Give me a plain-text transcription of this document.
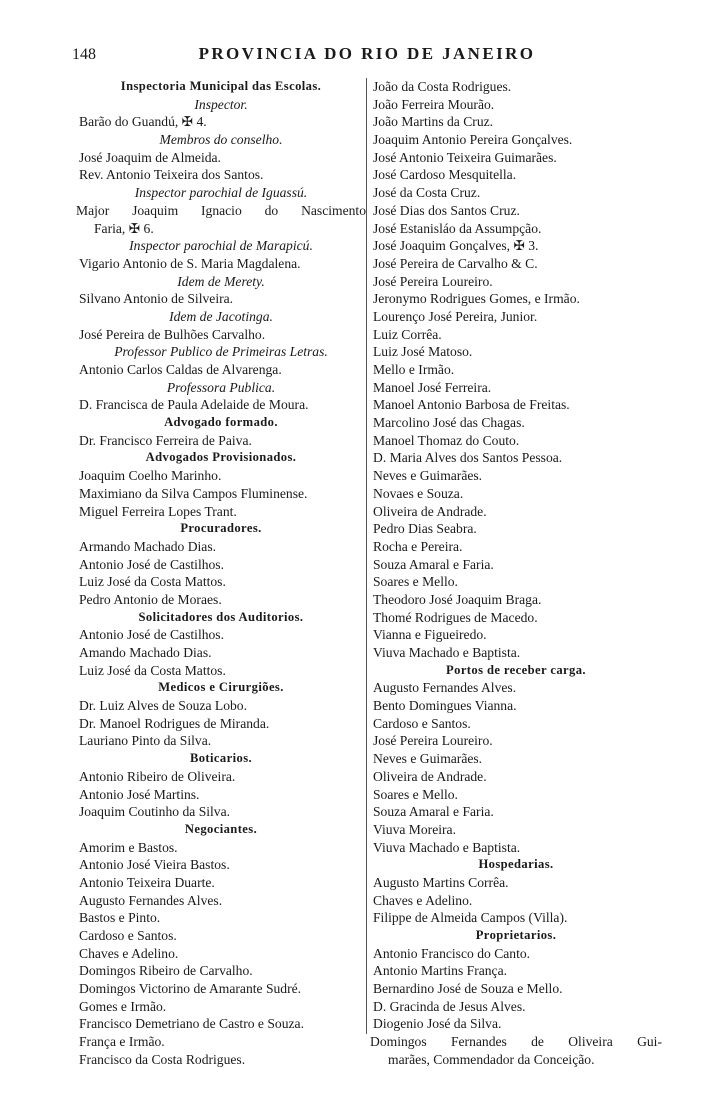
148	PROVINCIA DO RIO DE JANEIRO
Inspectoria Municipal das Escolas.
Inspector.
Barão do Guandú, ✠ 4.
Membros do conselho.
José Joaquim de Almeida.
Rev. Antonio Teixeira dos Santos.
Inspector parochial de Iguassú.
Major Joaquim Ignacio do Nascimento
Faria, ✠ 6.
Inspector parochial de Marapicú.
Vigario Antonio de S. Maria Magdalena.
Idem de Merety.
Silvano Antonio de Silveira.
Idem de Jacotinga.
José Pereira de Bulhões Carvalho.
Professor Publico de Primeiras Letras.
Antonio Carlos Caldas de Alvarenga.
Professora Publica.
D. Francisca de Paula Adelaide de Moura.
Advogado formado.
Dr. Francisco Ferreira de Paiva.
Advogados Provisionados.
Joaquim Coelho Marinho.
Maximiano da Silva Campos Fluminense.
Miguel Ferreira Lopes Trant.
Procuradores.
Armando Machado Dias.
Antonio José de Castilhos.
Luiz José da Costa Mattos.
Pedro Antonio de Moraes.
Solicitadores dos Auditorios.
Antonio José de Castilhos.
Amando Machado Dias.
Luiz José da Costa Mattos.
Medicos e Cirurgiões.
Dr. Luiz Alves de Souza Lobo.
Dr. Manoel Rodrigues de Miranda.
Lauriano Pinto da Silva.
Boticarios.
Antonio Ribeiro de Oliveira.
Antonio José Martins.
Joaquim Coutinho da Silva.
Negociantes.
Amorim e Bastos.
Antonio José Vieira Bastos.
Antonio Teixeira Duarte.
Augusto Fernandes Alves.
Bastos e Pinto.
Cardoso e Santos.
Chaves e Adelino.
Domingos Ribeiro de Carvalho.
Domingos Victorino de Amarante Sudré.
Gomes e Irmão.
Francisco Demetriano de Castro e Souza.
França e Irmão.
Francisco da Costa Rodrigues.
João da Costa Rodrigues.
João Ferreira Mourão.
João Martins da Cruz.
Joaquim Antonio Pereira Gonçalves.
José Antonio Teixeira Guimarães.
José Cardoso Mesquitella.
José da Costa Cruz.
José Dias dos Santos Cruz.
José Estanisláo da Assumpção.
José Joaquim Gonçalves, ✠ 3.
José Pereira de Carvalho & C.
José Pereira Loureiro.
Jeronymo Rodrigues Gomes, e Irmão.
Lourenço José Pereira, Junior.
Luiz Corrêa.
Luiz José Matoso.
Mello e Irmão.
Manoel José Ferreira.
Manoel Antonio Barbosa de Freitas.
Marcolino José das Chagas.
Manoel Thomaz do Couto.
D. Maria Alves dos Santos Pessoa.
Neves e Guimarães.
Novaes e Souza.
Oliveira de Andrade.
Pedro Dias Seabra.
Rocha e Pereira.
Souza Amaral e Faria.
Soares e Mello.
Theodoro José Joaquim Braga.
Thomé Rodrigues de Macedo.
Vianna e Figueiredo.
Viuva Machado e Baptista.
Portos de receber carga.
Augusto Fernandes Alves.
Bento Domingues Vianna.
Cardoso e Santos.
José Pereira Loureiro.
Neves e Guimarães.
Oliveira de Andrade.
Soares e Mello.
Souza Amaral e Faria.
Viuva Moreira.
Viuva Machado e Baptista.
Hospedarias.
Augusto Martins Corrêa.
Chaves e Adelino.
Filippe de Almeida Campos (Villa).
Proprietarios.
Antonio Francisco do Canto.
Antonio Martins França.
Bernardino José de Souza e Mello.
D. Gracinda de Jesus Alves.
Diogenio José da Silva.
Domingos Fernandes de Oliveira Gui-
marães, Commendador da Conceição.
